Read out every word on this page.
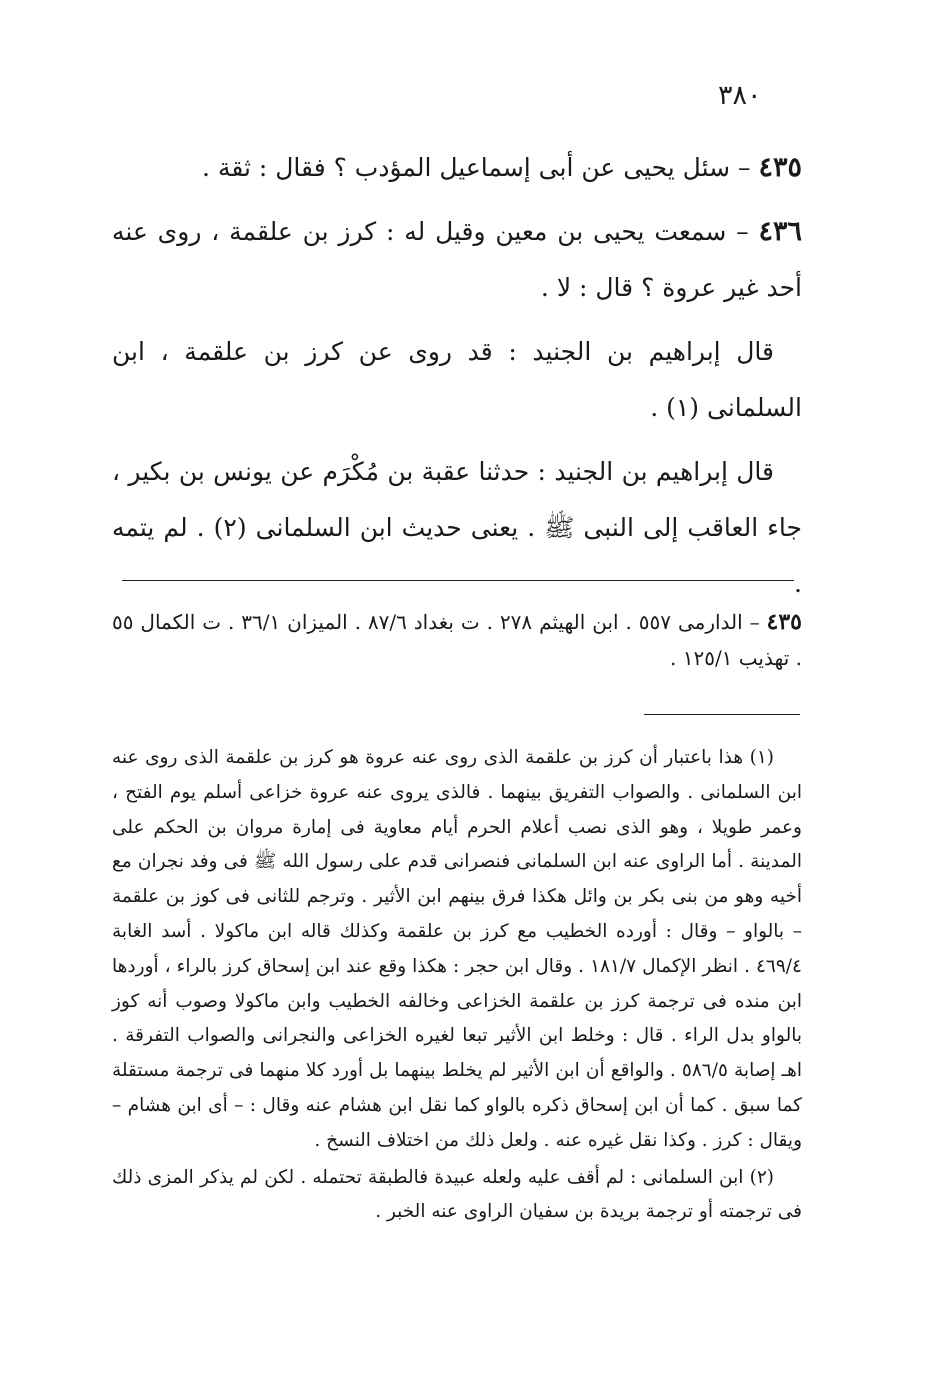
٣٨٠

٤٣٥ – سئل يحيى عن أبى إسماعيل المؤدب ؟ فقال : ثقة .

٤٣٦ – سمعت يحيى بن معين وقيل له : كرز بن علقمة ، روى عنه أحد غير عروة ؟ قال : لا .

قال إبراهيم بن الجنيد : قد روى عن كرز بن علقمة ، ابن السلمانى (١) .

قال إبراهيم بن الجنيد : حدثنا عقبة بن مُكْرَم عن يونس بن بكير ، جاء العاقب إلى النبى ﷺ . يعنى حديث ابن السلمانى (٢) . لم يتمه .

٤٣٥ – الدارمى ٥٥٧ . ابن الهيثم ٢٧٨ . ت بغداد ٨٧/٦ . الميزان ٣٦/١ . ت الكمال ٥٥ . تهذيب ١٢٥/١ .

(١) هذا باعتبار أن كرز بن علقمة الذى روى عنه عروة هو كرز بن علقمة الذى روى عنه ابن السلمانى . والصواب التفريق بينهما . فالذى يروى عنه عروة خزاعى أسلم يوم الفتح ، وعمر طويلا ، وهو الذى نصب أعلام الحرم أيام معاوية فى إمارة مروان بن الحكم على المدينة . أما الراوى عنه ابن السلمانى فنصرانى قدم على رسول الله ﷺ فى وفد نجران مع أخيه وهو من بنى بكر بن وائل هكذا فرق بينهم ابن الأثير . وترجم للثانى فى كوز بن علقمة – بالواو – وقال : أورده الخطيب مع كرز بن علقمة وكذلك قاله ابن ماكولا . أسد الغابة ٤٦٩/٤ . انظر الإكمال ١٨١/٧ . وقال ابن حجر : هكذا وقع عند ابن إسحاق كرز بالراء ، أوردها ابن منده فى ترجمة كرز بن علقمة الخزاعى وخالفه الخطيب وابن ماكولا وصوب أنه كوز بالواو بدل الراء . قال : وخلط ابن الأثير تبعا لغيره الخزاعى والنجرانى والصواب التفرقة . اهـ إصابة ٥٨٦/٥ . والواقع أن ابن الأثير لم يخلط بينهما بل أورد كلا منهما فى ترجمة مستقلة كما سبق . كما أن ابن إسحاق ذكره بالواو كما نقل ابن هشام عنه وقال : – أى ابن هشام – ويقال : كرز . وكذا نقل غيره عنه . ولعل ذلك من اختلاف النسخ .

(٢) ابن السلمانى : لم أقف عليه ولعله عبيدة فالطبقة تحتمله . لكن لم يذكر المزى ذلك فى ترجمته أو ترجمة بريدة بن سفيان الراوى عنه الخبر .
